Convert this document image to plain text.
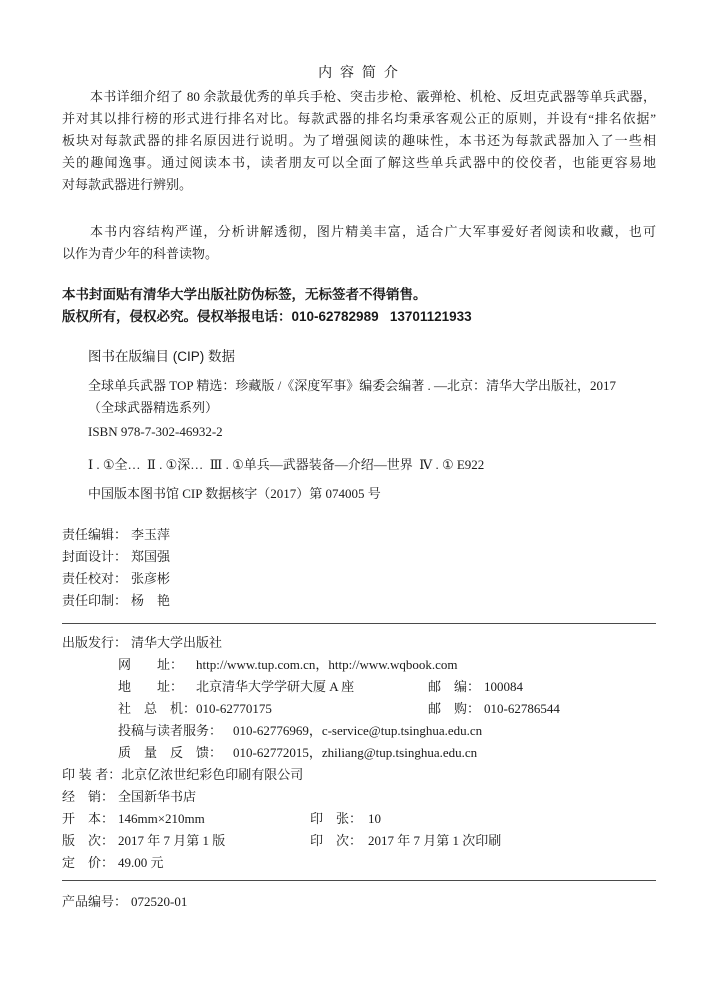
内 容 简 介
本书详细介绍了 80 余款最优秀的单兵手枪、突击步枪、霰弹枪、机枪、反坦克武器等单兵武器，
并对其以排行榜的形式进行排名对比。每款武器的排名均秉承客观公正的原则，并设有“排名依据”
板块对每款武器的排名原因进行说明。为了增强阅读的趣味性，本书还为每款武器加入了一些相
关的趣闻逸事。通过阅读本书，读者朋友可以全面了解这些单兵武器中的佼佼者，也能更容易地
对每款武器进行辨别。
本书内容结构严谨，分析讲解透彻，图片精美丰富，适合广大军事爱好者阅读和收藏，也可
以作为青少年的科普读物。
本书封面贴有清华大学出版社防伪标签，无标签者不得销售。
版权所有，侵权必究。侵权举报电话：010-62782989   13701121933
图书在版编目 (CIP) 数据
全球单兵武器 TOP 精选：珍藏版 /《深度军事》编委会编著 . —北京：清华大学出版社，2017
（全球武器精选系列）
ISBN 978-7-302-46932-2
Ⅰ . ①全…  Ⅱ . ①深…  Ⅲ . ①单兵—武器装备—介绍—世界  Ⅳ . ① E922
中国版本图书馆 CIP 数据核字（2017）第 074005 号
责任编辑： 李玉萍
封面设计： 郑国强
责任校对： 张彦彬
责任印制： 杨　艳
出版发行： 清华大学出版社
网　　址： http://www.tup.com.cn，http://www.wqbook.com
地　　址： 北京清华大学学研大厦 A 座	邮　编： 100084
社　总　机：010-62770175	邮　购： 010-62786544
投稿与读者服务： 010-62776969，c-service@tup.tsinghua.edu.cn
质　量　反　馈： 010-62772015，zhiliang@tup.tsinghua.edu.cn
印 装 者：北京亿浓世纪彩色印刷有限公司
经　销： 全国新华书店
开　本： 146mm×210mm	印　张： 10
版　次： 2017 年 7 月第 1 版	印　次： 2017 年 7 月第 1 次印刷
定　价： 49.00 元
产品编号： 072520-01
